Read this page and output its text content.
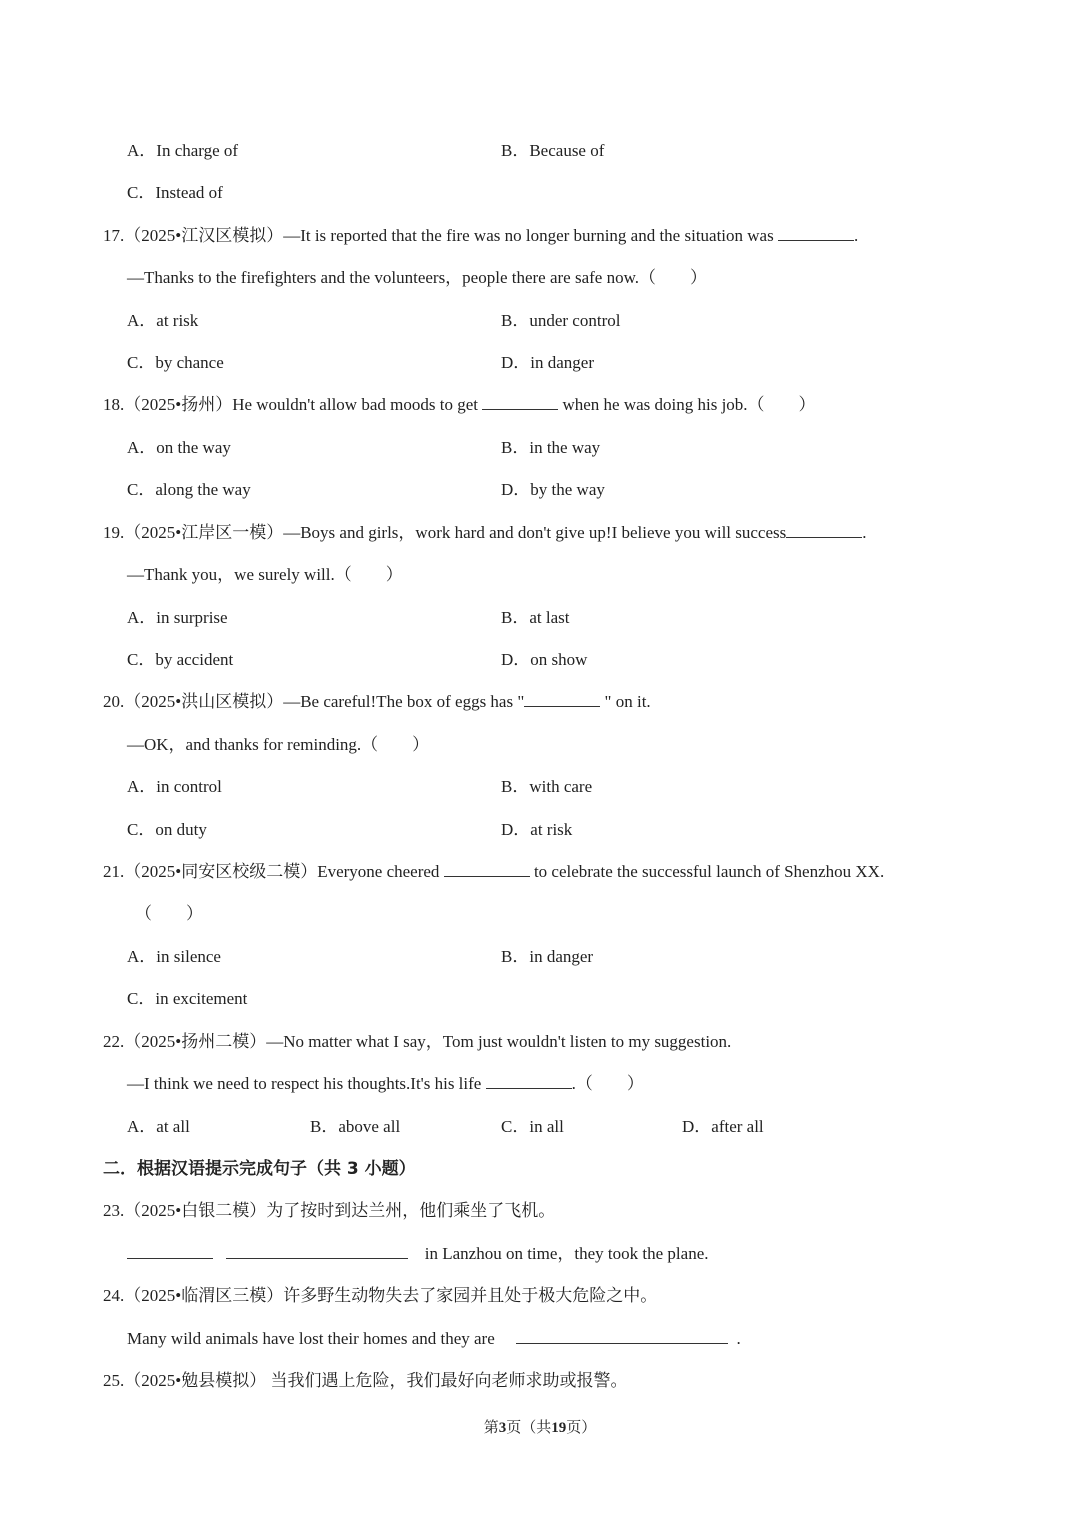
A．In charge of	B．Because of
C．Instead of
17.（2025•江汉区模拟）—It is reported that the fire was no longer burning and the situation was	.
—Thanks to the firefighters and the volunteers，people there are safe now.（　　）
A．at risk	B．under control
C．by chance	D．in danger
18.（2025•扬州）He wouldn't allow bad moods to get	when he was doing his job.（　　）
A．on the way	B．in the way
C．along the way	D．by the way
19.（2025•江岸区一模）—Boys and girls，work hard and don't give up!I believe you will success	.
—Thank you，we surely will.（　　）
A．in surprise	B．at last
C．by accident	D．on show
20.（2025•洪山区模拟）—Be careful!The box of eggs has "	" on it.
—OK，and thanks for reminding.（　　）
A．in control	B．with care
C．on duty	D．at risk
21.（2025•同安区校级二模）Everyone cheered	to celebrate the successful launch of Shenzhou XX.
（　　）
A．in silence	B．in danger
C．in excitement
22.（2025•扬州二模）—No matter what I say，Tom just wouldn't listen to my suggestion.
—I think we need to respect his thoughts.It's his life	.（　　）
A．at all	B．above all	C．in all	D．after all
二．根据汉语提示完成句子（共 3 小题）
23.（2025•白银二模）为了按时到达兰州，他们乘坐了飞机。
in Lanzhou on time，they took the plane.
24.（2025•临渭区三模）许多野生动物失去了家园并且处于极大危险之中。
Many wild animals have lost their homes and they are	.
25.（2025•勉县模拟） 当我们遇上危险，我们最好向老师求助或报警。
第3页（共19页）
